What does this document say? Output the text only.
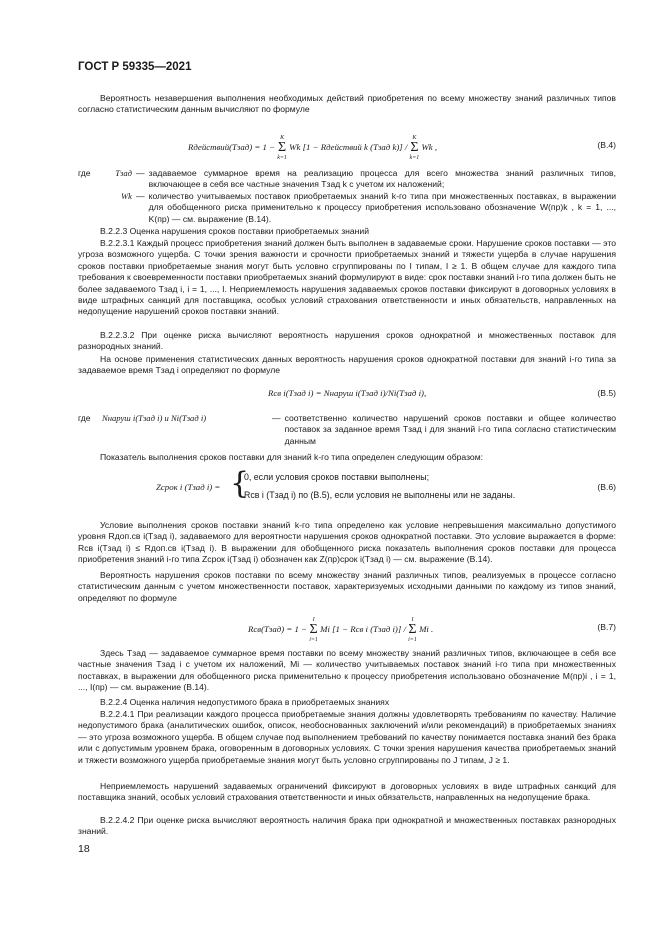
ГОСТ Р 59335—2021

Вероятность незавершения выполнения необходимых действий приобретения по всему множеству знаний различных типов согласно статистическим данным вычисляют по формуле

Rдействий(Tзад) = 1 −
K
Σ
k=1
Wk [1 − Rдействий k (Tзад k)] /
K
Σ
k=1
Wk ,	(В.4)
где	Tзад — задаваемое суммарное время на реализацию процесса для всего множества знаний различных типов, включающее в себя все частные значения Tзад k с учетом их наложений;
Wk — количество учитываемых поставок приобретаемых знаний k-го типа при множественных поставках, в выражении для обобщенного риска применительно к процессу приобретения использовано обозначение W(пр)k , k = 1, ..., K(пр) — см. выражение (В.14).

В.2.2.3 Оценка нарушения сроков поставки приобретаемых знаний

В.2.2.3.1 Каждый процесс приобретения знаний должен быть выполнен в задаваемые сроки. Нарушение сроков поставки — это угроза возможного ущерба. С точки зрения важности и срочности приобретаемых знаний и тяжести ущерба в случае нарушения сроков поставки приобретаемые знания могут быть условно сгруппированы по I типам, I ≥ 1. В общем случае для каждого типа требования к своевременности поставки приобретаемых знаний формулируют в виде: срок поставки знаний i-го типа должен быть не более задаваемого Tзад i, i = 1, ..., I. Неприемлемость нарушения задаваемых сроков поставки фиксируют в договорных условиях в виде штрафных санкций для поставщика, особых условий страхования ответственности и иных обязательств, направленных на недопущение нарушений сроков поставки знаний.

В.2.2.3.2 При оценке риска вычисляют вероятность нарушения сроков однократной и множественных поставок для разнородных знаний.

На основе применения статистических данных вероятность нарушения сроков однократной поставки для знаний i-го типа за задаваемое время Tзад i определяют по формуле

Rсв i(Tзад i) = Nнаруш i(Tзад i)/Ni(Tзад i),	(В.5)
где	Nнаруш i(Tзад i) и Ni(Tзад i)	— соответственно количество нарушений сроков поставки и общее количество поставок за заданное время Tзад i для знаний i-го типа согласно статистическим данным

Показатель выполнения сроков поставки для знаний k-го типа определен следующим образом:

Zсрок i (Tзад i) = {
0, если условия сроков поставки выполнены;
Rсв i (Tзад i) по (В.5), если условия не выполнены или не заданы.
(В.6)

Условие выполнения сроков поставки знаний k-го типа определено как условие непревышения максимально допустимого уровня Rдоп.св i(Tзад i), задаваемого для вероятности нарушения сроков однократной поставки. Это условие выражается в форме: Rсв i(Tзад i) ≤ Rдоп.св i(Tзад i). В выражении для обобщенного риска показатель выполнения сроков поставки для процесса приобретения знаний i-го типа Zсрок i(Tзад i) обозначен как Z(пр)срок i(Tзад i) — см. выражение (В.14).

Вероятность нарушения сроков поставки по всему множеству знаний различных типов, реализуемых в процессе согласно статистическим данным с учетом множественности поставок, характеризуемых исходными данными по каждому из типов знаний, определяют по формуле

Rсв(Tзад) = 1 −
I
Σ
i=1
Mi [1 − Rсв i (Tзад i)] /
I
Σ
i=1
Mi .	(В.7)

Здесь Tзад — задаваемое суммарное время поставки по всему множеству знаний различных типов, включающее в себя все частные значения Tзад i с учетом их наложений, Mi — количество учитываемых поставок знаний i-го типа при множественных поставках, в выражении для обобщенного риска применительно к процессу приобретения использовано обозначение M(пр)i , i = 1, ..., I(пр) — см. выражение (В.14).

В.2.2.4 Оценка наличия недопустимого брака в приобретаемых знаниях

В.2.2.4.1 При реализации каждого процесса приобретаемые знания должны удовлетворять требованиям по качеству. Наличие недопустимого брака (аналитических ошибок, описок, необоснованных заключений и/или рекомендаций) в приобретаемых знаниях — это угроза возможного ущерба. В общем случае под выполнением требований по качеству понимается поставка знаний без брака или с допустимым уровнем брака, оговоренным в договорных условиях. С точки зрения нарушения качества приобретаемых знаний и тяжести возможного ущерба приобретаемые знания могут быть условно сгруппированы по J типам, J ≥ 1.

Неприемлемость нарушений задаваемых ограничений фиксируют в договорных условиях в виде штрафных санкций для поставщика знаний, особых условий страхования ответственности и иных обязательств, направленных на недопущение брака.

В.2.2.4.2 При оценке риска вычисляют вероятность наличия брака при однократной и множественных поставках разнородных знаний.

18
